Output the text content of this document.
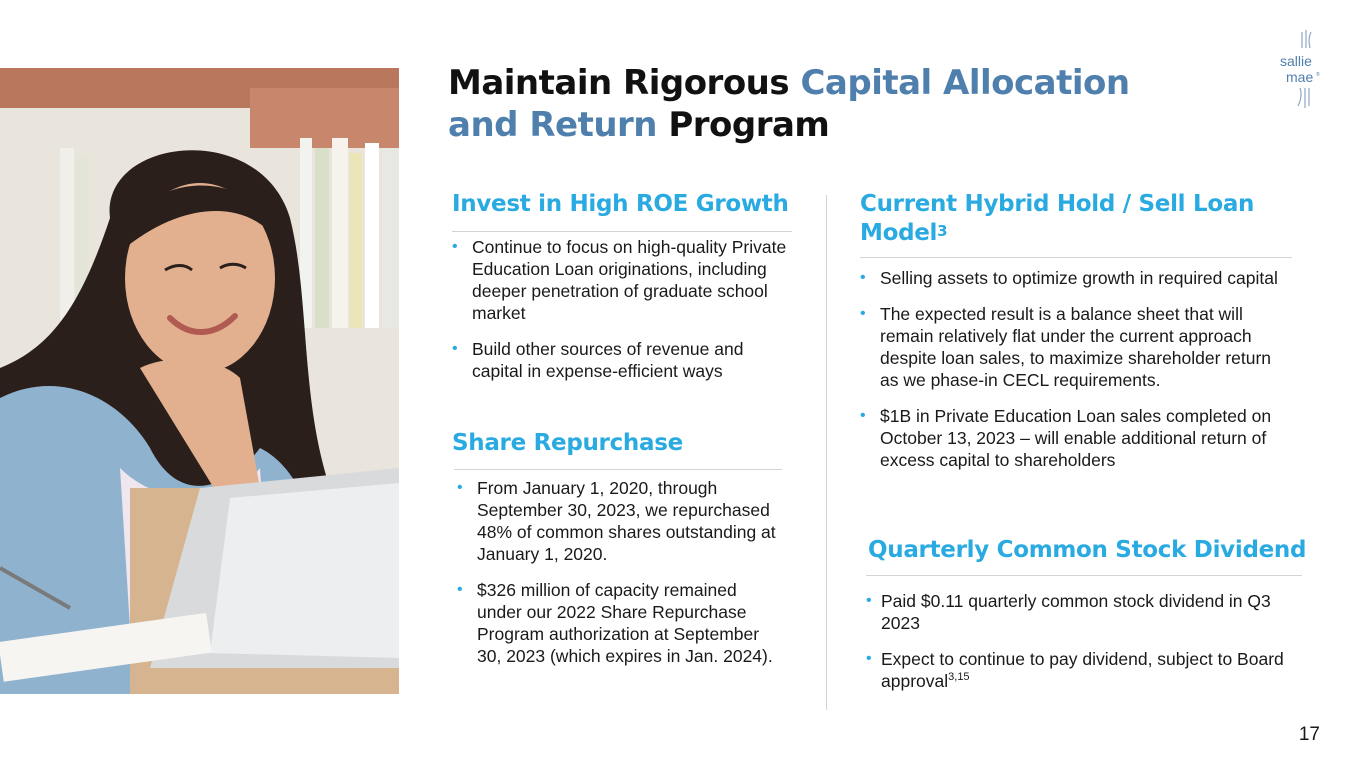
sallie
mae ®
Maintain Rigorous Capital Allocation
and Return Program
Invest in High ROE Growth
• Continue to focus on high-quality Private Education Loan originations, including deeper penetration of graduate school market
• Build other sources of revenue and capital in expense-efficient ways
Share Repurchase
• From January 1, 2020, through September 30, 2023, we repurchased 48% of common shares outstanding at January 1, 2020.
• $326 million of capacity remained under our 2022 Share Repurchase Program authorization at September 30, 2023 (which expires in Jan. 2024).
Current Hybrid Hold / Sell Loan Model$^3$
• Selling assets to optimize growth in required capital
• The expected result is a balance sheet that will remain relatively flat under the current approach despite loan sales, to maximize shareholder return as we phase-in CECL requirements.
• $1B in Private Education Loan sales completed on October 13, 2023 – will enable additional return of excess capital to shareholders
Quarterly Common Stock Dividend
• Paid $0.11 quarterly common stock dividend in Q3 2023
• Expect to continue to pay dividend, subject to Board approval$^{3,15}$
17
